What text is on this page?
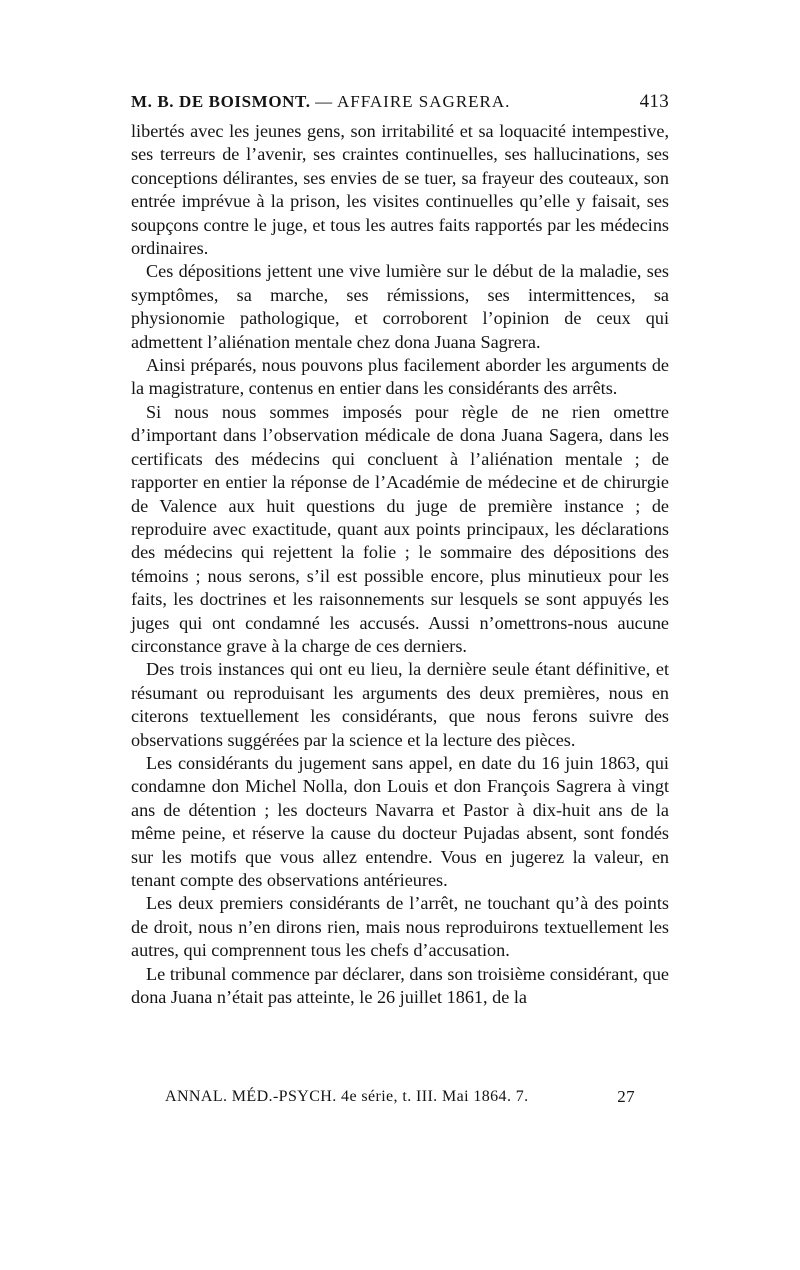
M. B. DE BOISMONT. — AFFAIRE SAGRERA.	413

libertés avec les jeunes gens, son irritabilité et sa loquacité intempestive, ses terreurs de l’avenir, ses craintes continuelles, ses hallucinations, ses conceptions délirantes, ses envies de se tuer, sa frayeur des couteaux, son entrée imprévue à la prison, les visites continuelles qu’elle y faisait, ses soupçons contre le juge, et tous les autres faits rapportés par les médecins ordinaires.

Ces dépositions jettent une vive lumière sur le début de la maladie, ses symptômes, sa marche, ses rémissions, ses intermittences, sa physionomie pathologique, et corroborent l’opinion de ceux qui admettent l’aliénation mentale chez dona Juana Sagrera.

Ainsi préparés, nous pouvons plus facilement aborder les arguments de la magistrature, contenus en entier dans les considérants des arrêts.

Si nous nous sommes imposés pour règle de ne rien omettre d’important dans l’observation médicale de dona Juana Sagera, dans les certificats des médecins qui concluent à l’aliénation mentale ; de rapporter en entier la réponse de l’Académie de médecine et de chirurgie de Valence aux huit questions du juge de première instance ; de reproduire avec exactitude, quant aux points principaux, les déclarations des médecins qui rejettent la folie ; le sommaire des dépositions des témoins ; nous serons, s’il est possible encore, plus minutieux pour les faits, les doctrines et les raisonnements sur lesquels se sont appuyés les juges qui ont condamné les accusés. Aussi n’omettrons-nous aucune circonstance grave à la charge de ces derniers.

Des trois instances qui ont eu lieu, la dernière seule étant définitive, et résumant ou reproduisant les arguments des deux premières, nous en citerons textuellement les considérants, que nous ferons suivre des observations suggérées par la science et la lecture des pièces.

Les considérants du jugement sans appel, en date du 16 juin 1863, qui condamne don Michel Nolla, don Louis et don François Sagrera à vingt ans de détention ; les docteurs Navarra et Pastor à dix-huit ans de la même peine, et réserve la cause du docteur Pujadas absent, sont fondés sur les motifs que vous allez entendre. Vous en jugerez la valeur, en tenant compte des observations antérieures.

Les deux premiers considérants de l’arrêt, ne touchant qu’à des points de droit, nous n’en dirons rien, mais nous reproduirons textuellement les autres, qui comprennent tous les chefs d’accusation.

Le tribunal commence par déclarer, dans son troisième considérant, que dona Juana n’était pas atteinte, le 26 juillet 1861, de la

ANNAL. MÉD.-PSYCH. 4e série, t. III. Mai 1864. 7.	27
